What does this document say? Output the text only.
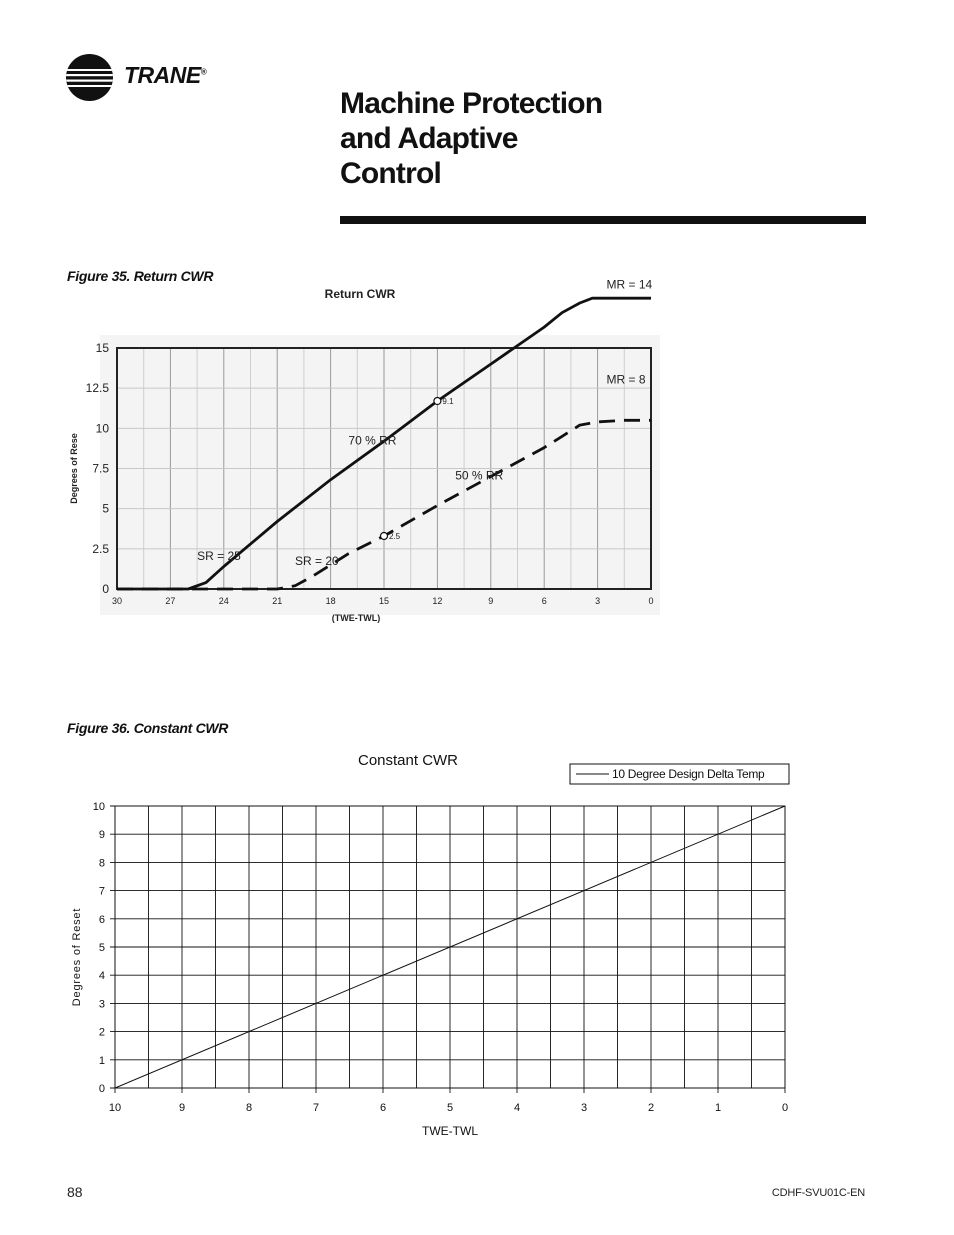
TRANE®
Machine Protection
and Adaptive
Control
Figure 35. Return CWR
Return CWR
0
2.5
5
7.5
10
12.5
15
30	27	24	21	18	15	12	9	6	3	0
(TWE-TWL)
Degrees of Rese
9.1
2.5
MR = 14
MR = 8
70 % RR
50 % RR
SR = 25	SR = 20
Figure 36. Constant CWR
Constant CWR
10 Degree Design Delta Temp
0
1
2
3
4
5
6
7
8
9
10
10	9	8	7	6	5	4	3	2	1	0
TWE-TWL
Degrees of Reset
88	CDHF-SVU01C-EN
